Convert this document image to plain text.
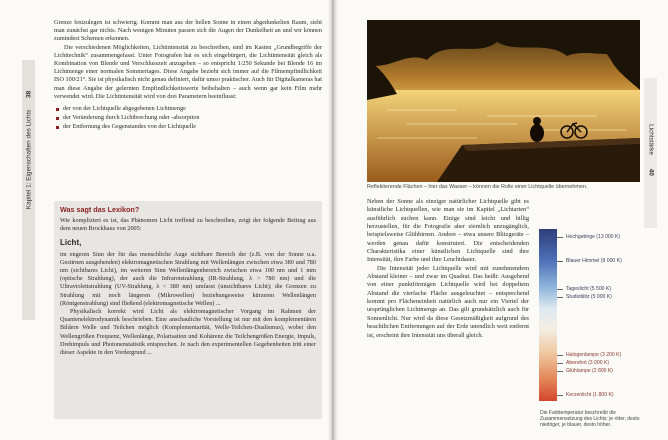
Kapitel 1: Eigenschaften des Lichts 38

Grenze festzulegen ist schwierig. Kommt man aus der hellen Sonne in einen abgedunkelten Raum, sieht man zunächst gar nichts. Nach wenigen Minuten passen sich die Augen der Dunkelheit an und wir können zumindest Schemen erkennen.

Die verschiedenen Möglichkeiten, Lichtintensität zu beschreiben, sind im Kasten „Grundbegriffe der Lichttechnik“ zusammengefasst. Unter Fotografen hat es sich eingebürgert, die Lichtintensität gleich als Kombination von Blende und Verschlusszeit anzugeben – so entspricht 1/250 Sekunde bei Blende 16 im Lichtmenge einer normalen Sommertages. Diese Angabe bezieht sich immer auf die Filmempfindlichkeit ISO 100/21°. Sie ist physikalisch nicht genau definiert, dafür umso praktischer. Auch für Digitalkameras hat man diese Angabe der gelernten Empfindlichkeitswerte beibehalten – auch wenn gar kein Film mehr verwendet wird. Die Lichtintensität wird von drei Parametern beeinflusst:

der von der Lichtquelle abgegebenen Lichtmenge
der Veränderung durch Lichtbrechung oder -absorption
der Entfernung des Gegenstandes von der Lichtquelle
Was sagt das Lexikon?

Wie kompliziert es ist, das Phänomen Licht treffend zu beschreiben, zeigt der folgende Beitrag aus dem neuen Brockhaus von 2005:

Licht,

im engeren Sinn der für das menschliche Auge sichtbare Bereich der (z.B. von der Sonne u.a. Gestirnen ausgehenden) elektromagnetischen Strahlung mit Wellenlängen zwischen etwa 380 und 780 nm (sichtbares Licht), im weiteren Sinn Wellenlängenbereich zwischen etwa 100 nm und 1 mm (optische Strahlung), der auch die Infrarotstrahlung (IR-Strahlung, λ > 780 nm) und die Ultraviolettstrahlung (UV-Strahlung, λ < 380 nm) umfasst (unsichtbares Licht); die Grenzen zu Strahlung mit noch längeren (Mikrowellen) beziehungsweise kürzeren Wellenlängen (Röntgenstrahlung) sind fließend (elektromagnetische Wellen) ...

Physikalisch korrekt wird Licht als elektromagnetischer Vorgang im Rahmen der Quantenelektrodynamik beschrieben. Eine anschauliche Vorstellung ist nur mit den komplementären Bildern Welle und Teilchen möglich (Komplementarität, Welle-Teilchen-Dualismus), wobei den Wellengrößen Frequenz, Wellenlänge, Polarisation und Kohärenz die Teilchengrößen Energie, Impuls, Drehimpuls und Photonenstatistik entsprechen. Je nach den experimentellen Gegebenheiten tritt einer dieser Aspekte in den Vordergrund ...

Lichtstärke 40
Reflektierende Flächen – hier das Wasser – können die Rolle einer Lichtquelle übernehmen.

Neben der Sonne als einziger natürlicher Lichtquelle gibt es künstliche Lichtquellen, wie man sie im Kapitel „Lichtarten“ ausführlich suchen kann. Einige sind leicht und billig herzustellen, für die Fotografie aber ziemlich unzugänglich, beispielsweise Glühbirnen. Andere – etwa unsere Blitzgeräte – werden genau dafür konstruiert. Die entscheidenden Charakteristika einer künstlichen Lichtquelle sind ihre Intensität, ihre Farbe und ihre Leuchtdauer.

Die Intensität jeder Lichtquelle wird mit zunehmendem Abstand kleiner – und zwar im Quadrat. Das heißt: Ausgehend von einer punktförmigen Lichtquelle wird bei doppeltem Abstand die vierfache Fläche ausgeleuchtet – entsprechend kommt pro Flächeneinheit natürlich auch nur ein Viertel der ursprünglichen Lichtmenge an. Das gilt grundsätzlich auch für Sonnenlicht. Nur wird da diese Gesetzmäßigkeit aufgrund des beachtlichen Entfernungen auf der Erde unendlich weit entfernt ist, erscheint ihre Intensität uns überall gleich.

Hochgebirge (13 000 K)
Blauer Himmel (9 000 K)
Tageslicht (5 500 K)
Studioblitz (5 000 K)
Halogenlampe (3 200 K)
Abendrot (3 000 K)
Glühlampe (2 800 K)
Kerzenlicht (1 800 K)
Die Farbtemperatur beschreibt die Zusammensetzung des Lichts: je röter, desto niedriger, je blauer, desto höher.
